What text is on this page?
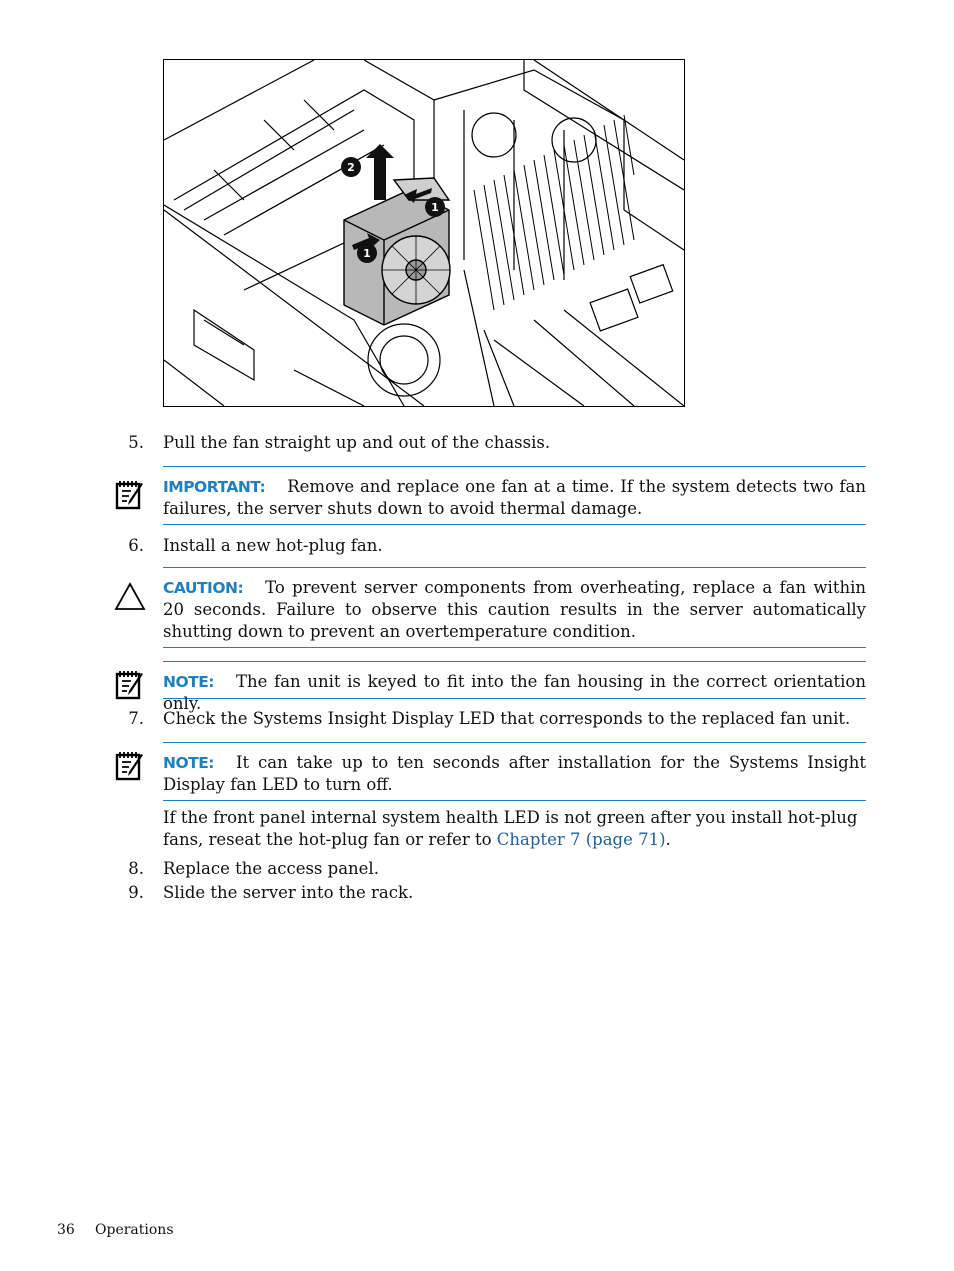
2
1
1
5. Pull the fan straight up and out of the chassis.
IMPORTANT: Remove and replace one fan at a time. If the system detects two fan failures, the server shuts down to avoid thermal damage.
6. Install a new hot-plug fan.
CAUTION: To prevent server components from overheating, replace a fan within 20 seconds. Failure to observe this caution results in the server automatically shutting down to prevent an overtemperature condition.
NOTE: The fan unit is keyed to fit into the fan housing in the correct orientation only.
7. Check the Systems Insight Display LED that corresponds to the replaced fan unit.
NOTE: It can take up to ten seconds after installation for the Systems Insight Display fan LED to turn off.
If the front panel internal system health LED is not green after you install hot-plug fans, reseat the hot-plug fan or refer to Chapter 7 (page 71).
8. Replace the access panel.
9. Slide the server into the rack.
36 Operations
